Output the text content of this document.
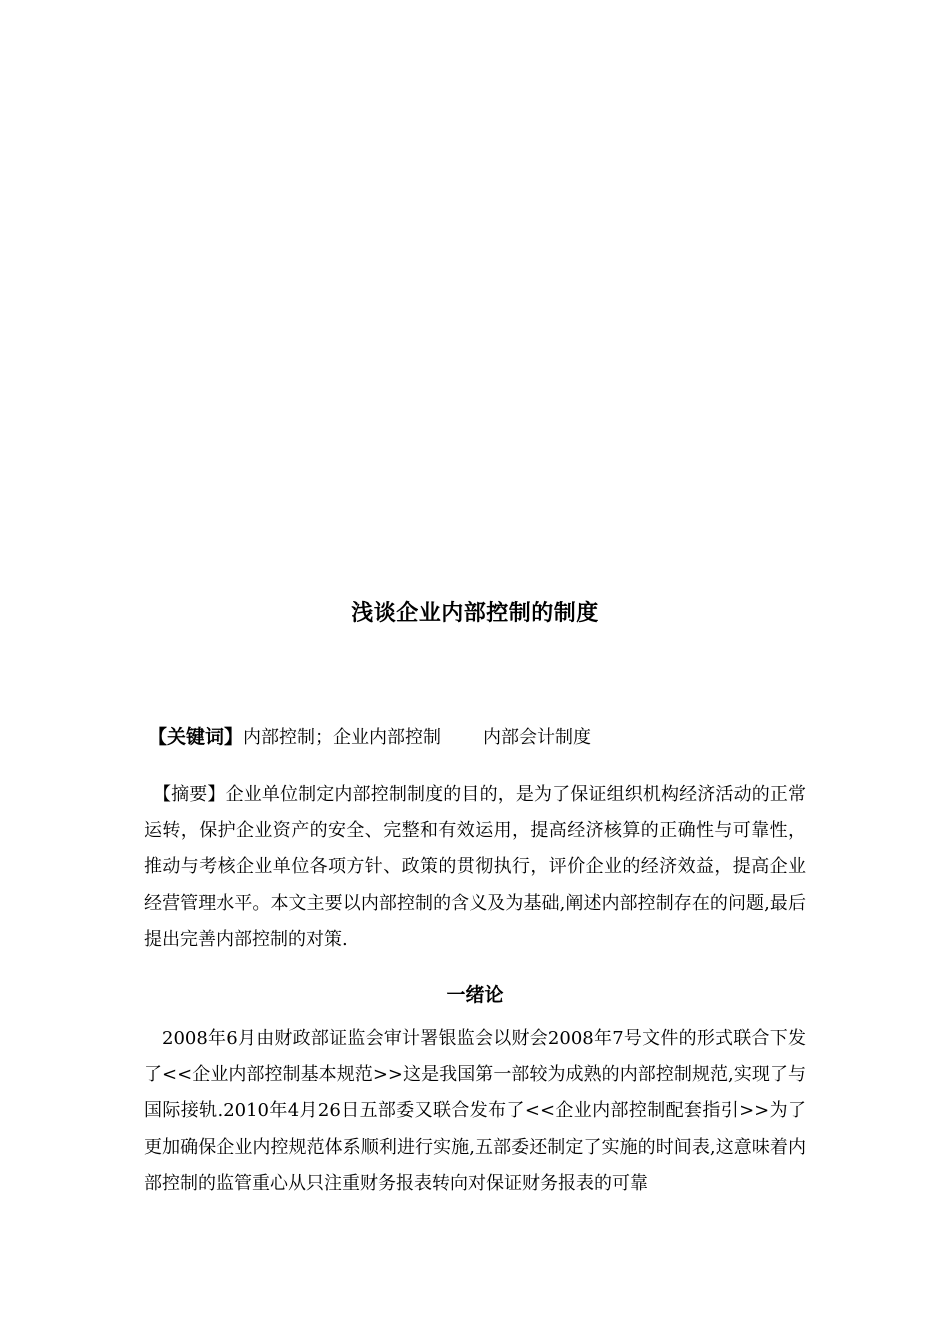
浅谈企业内部控制的制度
【关键词】内部控制；企业内部控制 内部会计制度
【摘要】企业单位制定内部控制制度的目的，是为了保证组织机构经济活动的正常运转，保护企业资产的安全、完整和有效运用，提高经济核算的正确性与可靠性，推动与考核企业单位各项方针、政策的贯彻执行，评价企业的经济效益，提高企业经营管理水平。本文主要以内部控制的含义及为基础,阐述内部控制存在的问题,最后提出完善内部控制的对策.
一绪论
2008年6月由财政部证监会审计署银监会以财会2008年7号文件的形式联合下发了<<企业内部控制基本规范>>这是我国第一部较为成熟的内部控制规范,实现了与国际接轨.2010年4月26日五部委又联合发布了<<企业内部控制配套指引>>为了更加确保企业内控规范体系顺利进行实施,五部委还制定了实施的时间表,这意味着内部控制的监管重心从只注重财务报表转向对保证财务报表的可靠
